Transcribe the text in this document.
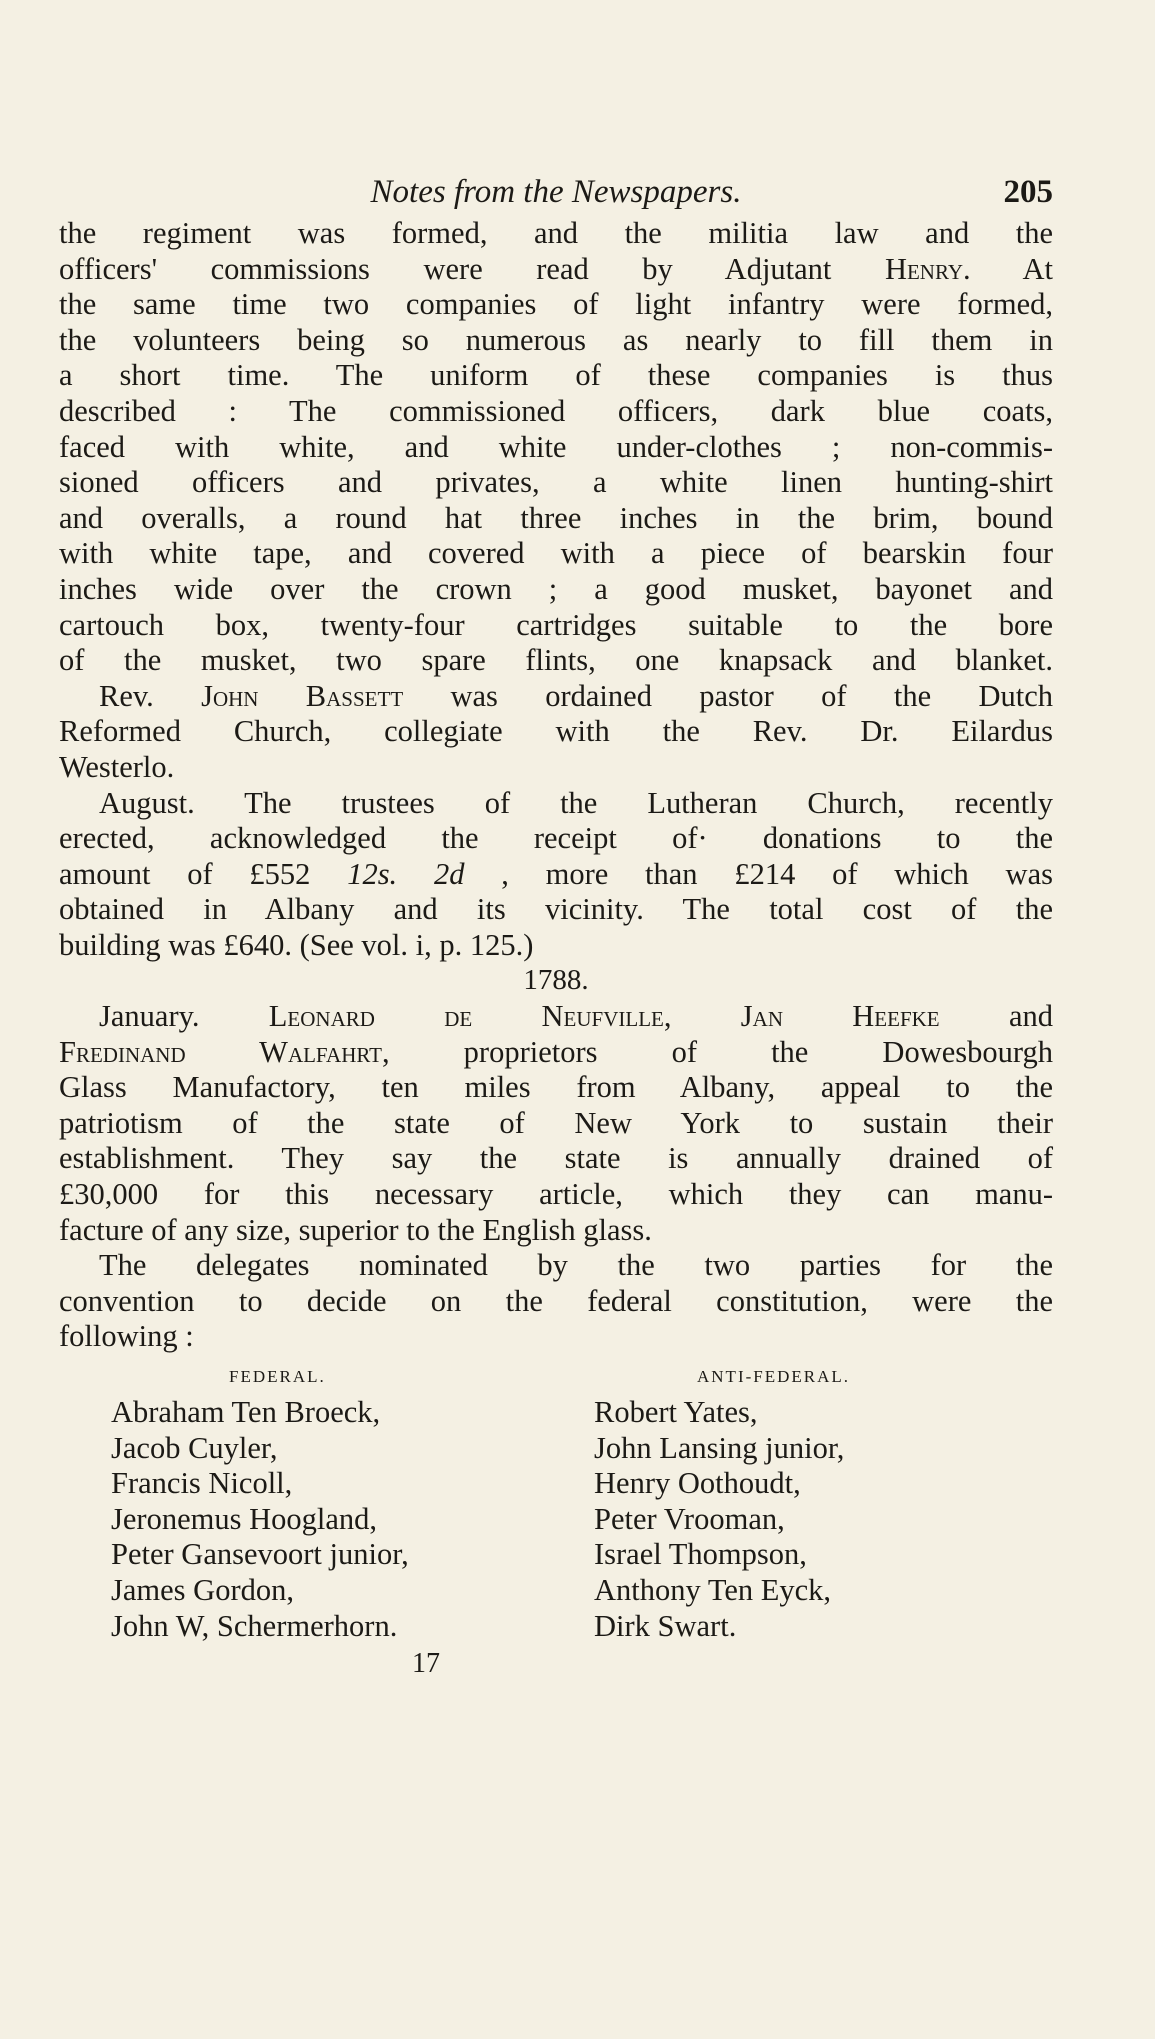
Notes from the Newspapers.	205
the regiment was formed, and the militia law and the
officers' commissions were read by Adjutant Henry. At
the same time two companies of light infantry were formed,
the volunteers being so numerous as nearly to fill them in
a short time. The uniform of these companies is thus
described : The commissioned officers, dark blue coats,
faced with white, and white under-clothes ; non-commis-
sioned officers and privates, a white linen hunting-shirt
and overalls, a round hat three inches in the brim, bound
with white tape, and covered with a piece of bearskin four
inches wide over the crown ; a good musket, bayonet and
cartouch box, twenty-four cartridges suitable to the bore
of the musket, two spare flints, one knapsack and blanket.
Rev. John Bassett was ordained pastor of the Dutch
Reformed Church, collegiate with the Rev. Dr. Eilardus
Westerlo.
August. The trustees of the Lutheran Church, recently
erected, acknowledged the receipt of· donations to the
amount of £552 12s. 2d , more than £214 of which was
obtained in Albany and its vicinity. The total cost of the
building was £640. (See vol. i, p. 125.)
1788.
January. Leonard de Neufville, Jan Heefke and
Fredinand Walfahrt, proprietors of the Dowesbourgh
Glass Manufactory, ten miles from Albany, appeal to the
patriotism of the state of New York to sustain their
establishment. They say the state is annually drained of
£30,000 for this necessary article, which they can manu-
facture of any size, superior to the English glass.
The delegates nominated by the two parties for the
convention to decide on the federal constitution, were the
following :
FEDERAL.	ANTI-FEDERAL.
Abraham Ten Broeck,	Robert Yates,
Jacob Cuyler,	John Lansing junior,
Francis Nicoll,	Henry Oothoudt,
Jeronemus Hoogland,	Peter Vrooman,
Peter Gansevoort junior,	Israel Thompson,
James Gordon,	Anthony Ten Eyck,
John W, Schermerhorn.	Dirk Swart.
17
